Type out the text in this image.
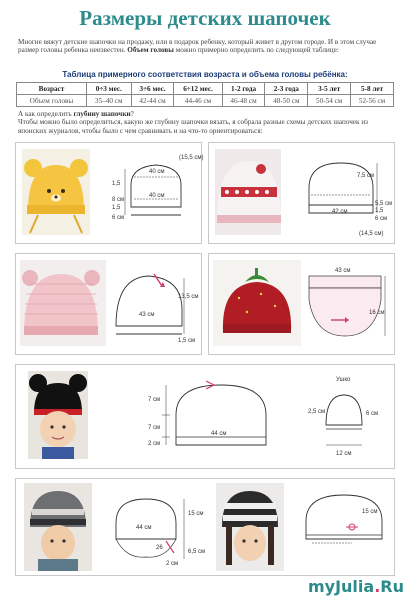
Размеры детских шапочек
Многие вяжут детские шапочки на продажу, или в подарок ребенку, который живет в другом городе. И в этом случае размер головы ребенка неизвестен. Объем головы можно примерно определить по следующей таблице:
Таблица примерного соответствия возраста и объема головы ребёнка:
Возраст	0÷3 мес.	3÷6 мес.	6÷12 мес.	1-2 года	2-3 года	3-5 лет	5-8 лет
Объем головы	35–40 см	42-44 см	44-46 см	46-48 см	48-50 см	50-54 см	52-56 см
А как определить глубину шапочки?
Чтобы можно было определиться, какую же глубину шапочки вязать, я собрала разные схемы детских шапочек из японских журналов, чтобы было с чем сравнивать и на что-то ориентироваться:
(15,5 см)
40 см
1,5
8 см
40 см
1,5
6 см
7,5 см
42 см
5,5 см
1,5
6 см
(14,5 см)
13,5 см
43 см
1,5 см
43 см
16 см
7 см
7 см
2 см
44 см
Ушко
2,5 см	6 см
12 см
44 см
15 см
26
6,5 см
2 см
15 см
myJulia.Ru
